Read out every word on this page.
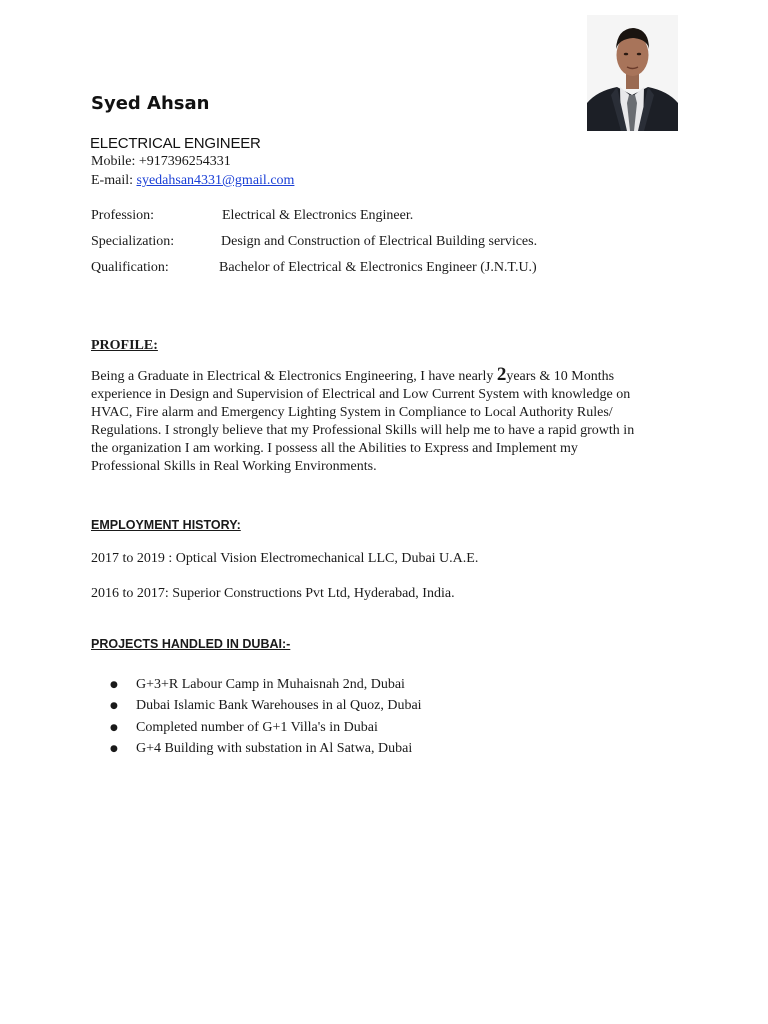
Syed Ahsan
ELECTRICAL ENGINEER
Mobile: +917396254331
E-mail: syedahsan4331@gmail.com
Profession:	Electrical & Electronics Engineer.
Specialization:	Design and Construction of Electrical Building services.
Qualification:	Bachelor of Electrical & Electronics Engineer (J.N.T.U.)
PROFILE:
Being a Graduate in Electrical & Electronics Engineering, I have nearly 2years & 10 Months
experience in Design and Supervision of Electrical and Low Current System with knowledge on
HVAC, Fire alarm and Emergency Lighting System in Compliance to Local Authority Rules/
Regulations. I strongly believe that my Professional Skills will help me to have a rapid growth in
the organization I am working. I possess all the Abilities to Express and Implement my
Professional Skills in Real Working Environments.
EMPLOYMENT HISTORY:
2017 to 2019 : Optical Vision Electromechanical LLC, Dubai U.A.E.
2016 to 2017: Superior Constructions Pvt Ltd, Hyderabad, India.
PROJECTS HANDLED IN DUBAI:-
●	G+3+R Labour Camp in Muhaisnah 2nd, Dubai
●	Dubai Islamic Bank Warehouses in al Quoz, Dubai
●	Completed number of G+1 Villa's in Dubai
●	G+4 Building with substation in Al Satwa, Dubai
